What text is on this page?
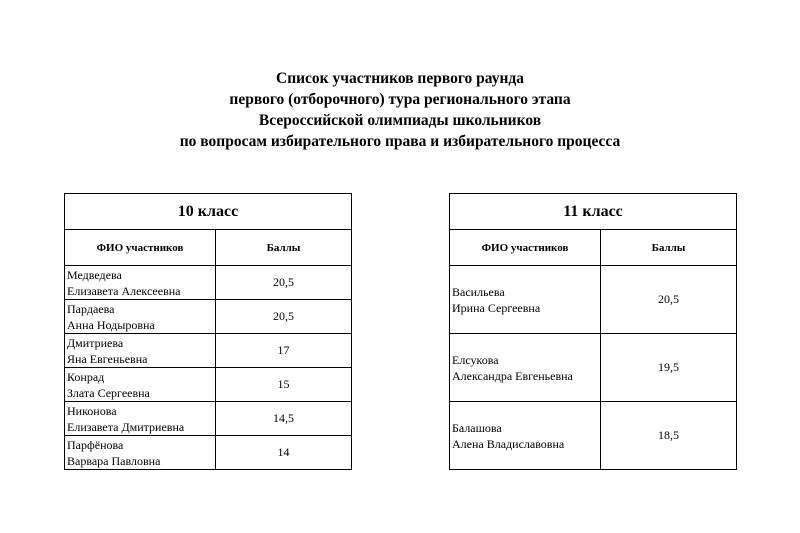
Список участников первого раунда
первого (отборочного) тура регионального этапа
Всероссийской олимпиады школьников
по вопросам избирательного права и избирательного процесса
10 класс	
ФИО участников	Баллы

Медведева
Елизавета Алексеевна	20,5

Пардаева
Анна Нодыровна	20,5

Дмитриева
Яна Евгеньевна	17

Конрад
Злата Сергеевна	15

Никонова
Елизавета Дмитриевна	14,5

Парфёнова
Варвара Павловна	14
11 класс	
ФИО участников	Баллы

Васильева
Ирина Сергеевна	20,5

Елсукова
Александра Евгеньевна	19,5

Балашова
Алена Владиславовна	18,5
